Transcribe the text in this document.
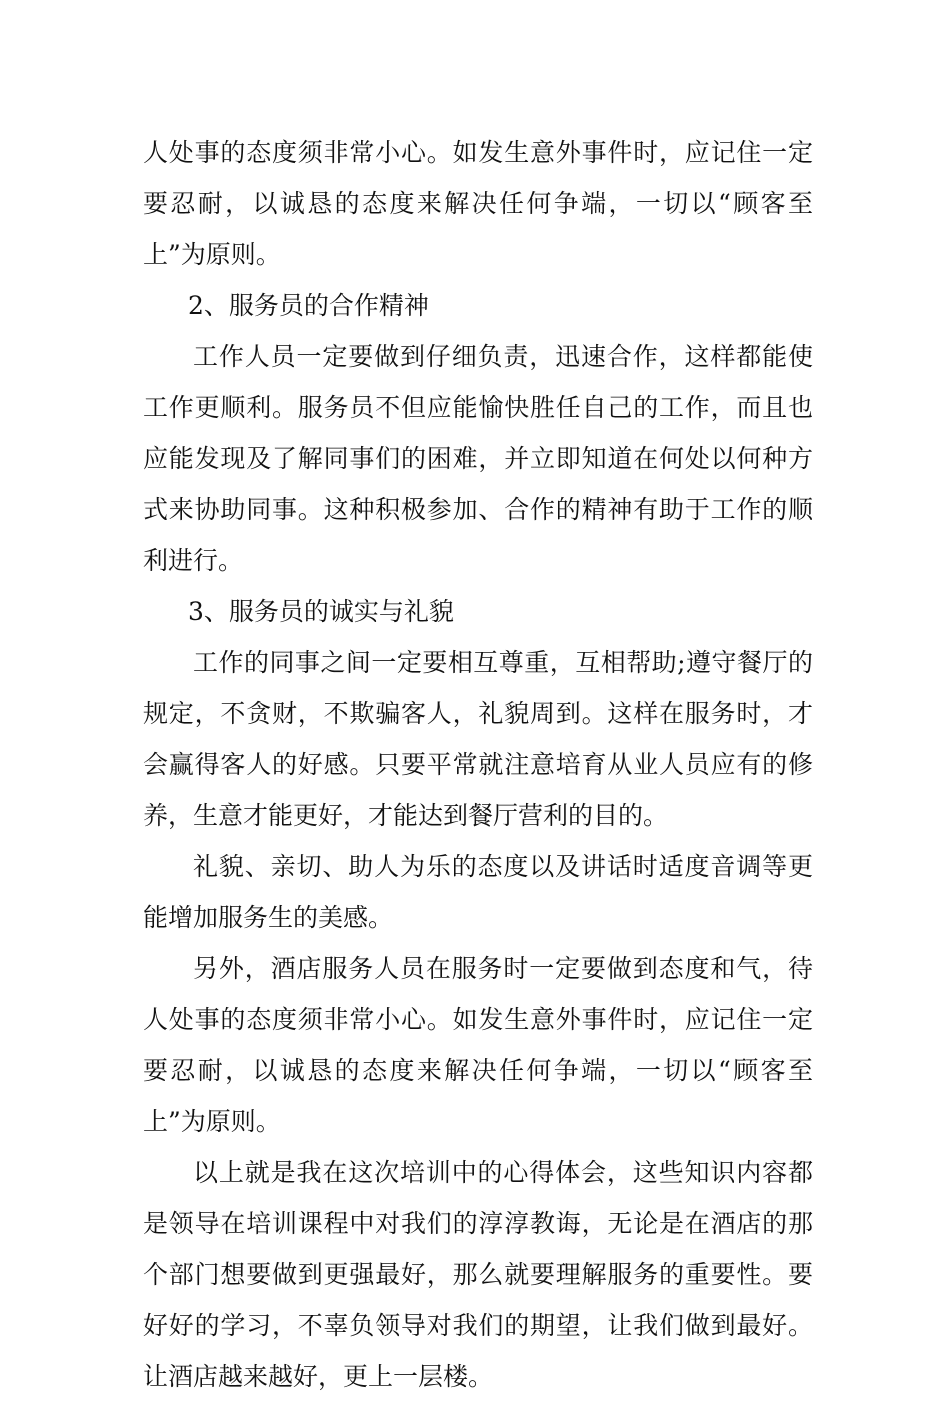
人处事的态度须非常小心。如发生意外事件时，应记住一定要忍耐，以诚恳的态度来解决任何争端，一切以“顾客至上”为原则。

2、服务员的合作精神

工作人员一定要做到仔细负责，迅速合作，这样都能使工作更顺利。服务员不但应能愉快胜任自己的工作，而且也应能发现及了解同事们的困难，并立即知道在何处以何种方式来协助同事。这种积极参加、合作的精神有助于工作的顺利进行。

3、服务员的诚实与礼貌

工作的同事之间一定要相互尊重，互相帮助;遵守餐厅的规定，不贪财，不欺骗客人，礼貌周到。这样在服务时，才会赢得客人的好感。只要平常就注意培育从业人员应有的修养，生意才能更好，才能达到餐厅营利的目的。

礼貌、亲切、助人为乐的态度以及讲话时适度音调等更能增加服务生的美感。

另外，酒店服务人员在服务时一定要做到态度和气，待人处事的态度须非常小心。如发生意外事件时，应记住一定要忍耐，以诚恳的态度来解决任何争端，一切以“顾客至上”为原则。

以上就是我在这次培训中的心得体会，这些知识内容都是领导在培训课程中对我们的淳淳教诲，无论是在酒店的那个部门想要做到更强最好，那么就要理解服务的重要性。要好好的学习，不辜负领导对我们的期望，让我们做到最好。让酒店越来越好，更上一层楼。
